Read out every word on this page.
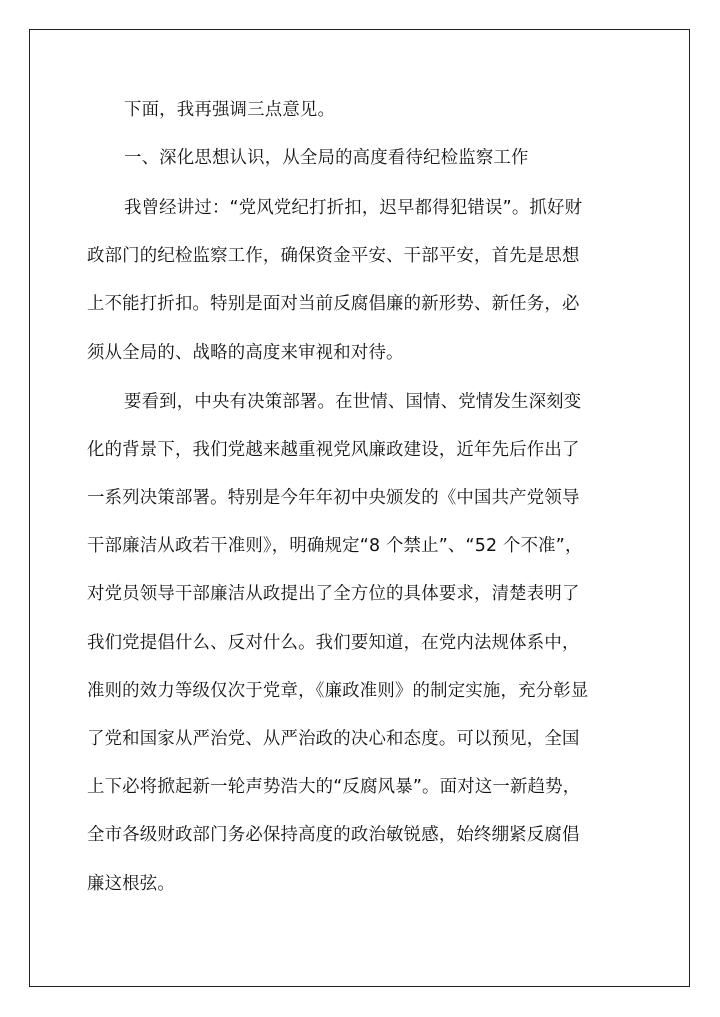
下面，我再强调三点意见。

一、深化思想认识，从全局的高度看待纪检监察工作

我曾经讲过：“党风党纪打折扣，迟早都得犯错误”。抓好财

政部门的纪检监察工作，确保资金平安、干部平安，首先是思想

上不能打折扣。特别是面对当前反腐倡廉的新形势、新任务，必

须从全局的、战略的高度来审视和对待。

要看到，中央有决策部署。在世情、国情、党情发生深刻变

化的背景下，我们党越来越重视党风廉政建设，近年先后作出了

一系列决策部署。特别是今年年初中央颁发的《中国共产党领导

干部廉洁从政若干准则》，明确规定“8 个禁止”、“52 个不准”，

对党员领导干部廉洁从政提出了全方位的具体要求，清楚表明了

我们党提倡什么、反对什么。我们要知道，在党内法规体系中，

准则的效力等级仅次于党章，《廉政准则》的制定实施，充分彰显

了党和国家从严治党、从严治政的决心和态度。可以预见，全国

上下必将掀起新一轮声势浩大的“反腐风暴”。面对这一新趋势，

全市各级财政部门务必保持高度的政治敏锐感，始终绷紧反腐倡

廉这根弦。
